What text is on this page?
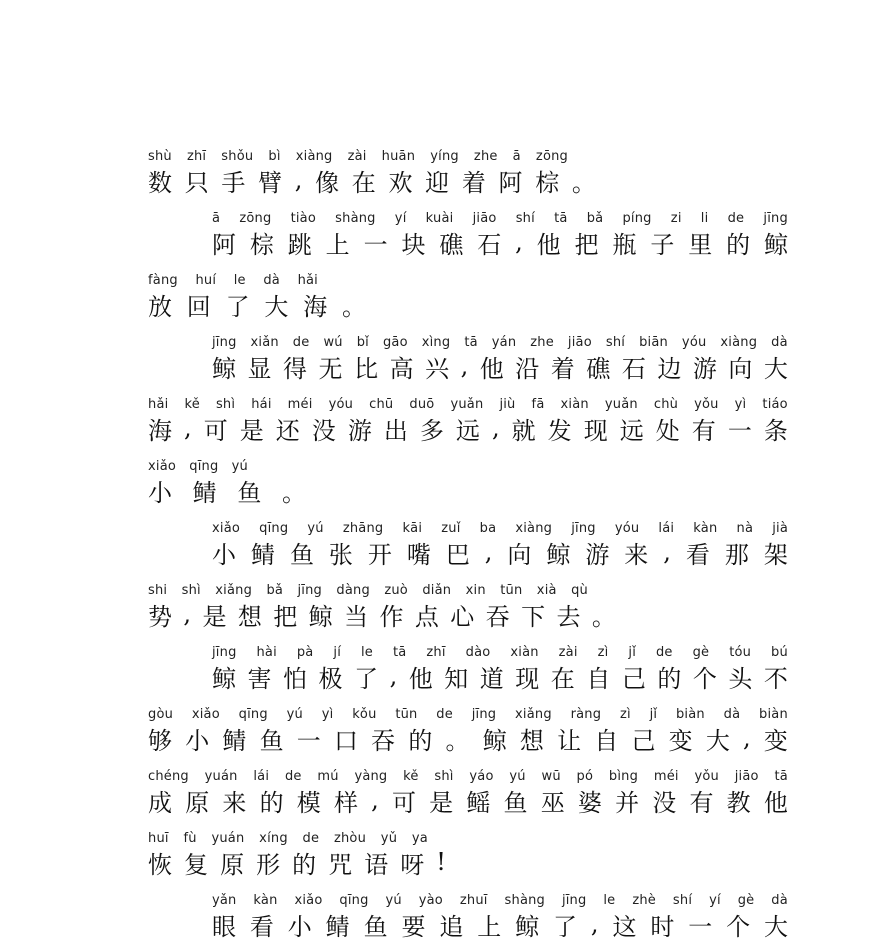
shù zhī shǒu bì xiàng zài huān yíng zhe ā zōng
数 只 手 臂 , 像 在 欢 迎 着 阿 棕 。
ā zōng tiào shàng yí kuài jiāo shí tā bǎ píng zi li de jīng
阿 棕 跳 上 一 块 礁 石 , 他 把 瓶 子 里 的 鲸
fàng huí le dà hǎi
放 回 了 大 海 。
jīng xiǎn de wú bǐ gāo xìng tā yán zhe jiāo shí biān yóu xiàng dà
鲸 显 得 无 比 高 兴 , 他 沿 着 礁 石 边 游 向 大
hǎi kě shì hái méi yóu chū duō yuǎn jiù fā xiàn yuǎn chù yǒu yì tiáo
海 , 可 是 还 没 游 出 多 远 , 就 发 现 远 处 有 一 条
xiǎo qīng yú
小 鲭 鱼 。
xiǎo qīng yú zhāng kāi zuǐ ba xiàng jīng yóu lái kàn nà jià
小 鲭 鱼 张 开 嘴 巴 , 向 鲸 游 来 , 看 那 架
shi shì xiǎng bǎ jīng dàng zuò diǎn xin tūn xià qù
势 , 是 想 把 鲸 当 作 点 心 吞 下 去 。
jīng hài pà jí le tā zhī dào xiàn zài zì jǐ de gè tóu bú
鲸 害 怕 极 了 , 他 知 道 现 在 自 己 的 个 头 不
gòu xiǎo qīng yú yì kǒu tūn de jīng xiǎng ràng zì jǐ biàn dà biàn
够 小 鲭 鱼 一 口 吞 的 。 鲸 想 让 自 己 变 大 , 变
chéng yuán lái de mú yàng kě shì yáo yú wū pó bìng méi yǒu jiāo tā
成 原 来 的 模 样 , 可 是 鳐 鱼 巫 婆 并 没 有 教 他
huī fù yuán xíng de zhòu yǔ ya
恢 复 原 形 的 咒 语 呀 !
yǎn kàn xiǎo qīng yú yào zhuī shàng jīng le zhè shí yí gè dà
眼 看 小 鲭 鱼 要 追 上 鲸 了 , 这 时 一 个 大
